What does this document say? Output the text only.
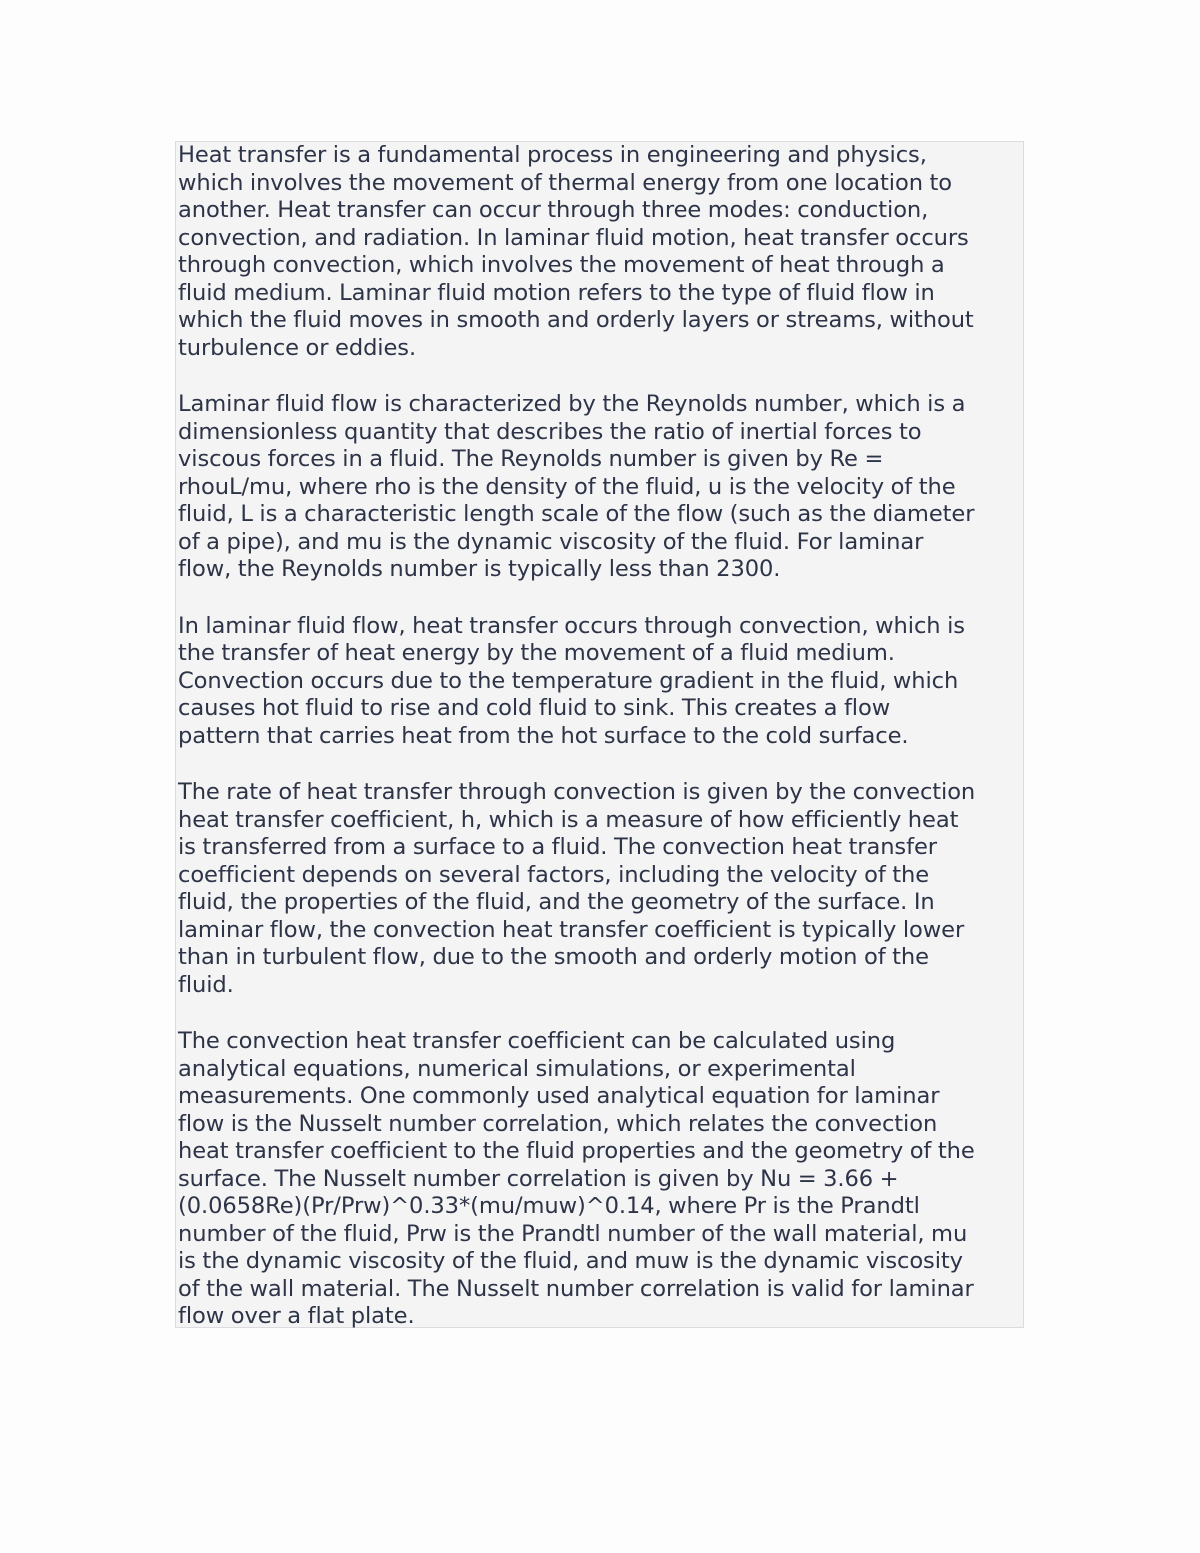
Heat transfer is a fundamental process in engineering and physics,
which involves the movement of thermal energy from one location to
another. Heat transfer can occur through three modes: conduction,
convection, and radiation. In laminar fluid motion, heat transfer occurs
through convection, which involves the movement of heat through a
fluid medium. Laminar fluid motion refers to the type of fluid flow in
which the fluid moves in smooth and orderly layers or streams, without
turbulence or eddies.

Laminar fluid flow is characterized by the Reynolds number, which is a
dimensionless quantity that describes the ratio of inertial forces to
viscous forces in a fluid. The Reynolds number is given by Re =
rhouL/mu, where rho is the density of the fluid, u is the velocity of the
fluid, L is a characteristic length scale of the flow (such as the diameter
of a pipe), and mu is the dynamic viscosity of the fluid. For laminar
flow, the Reynolds number is typically less than 2300.

In laminar fluid flow, heat transfer occurs through convection, which is
the transfer of heat energy by the movement of a fluid medium.
Convection occurs due to the temperature gradient in the fluid, which
causes hot fluid to rise and cold fluid to sink. This creates a flow
pattern that carries heat from the hot surface to the cold surface.

The rate of heat transfer through convection is given by the convection
heat transfer coefficient, h, which is a measure of how efficiently heat
is transferred from a surface to a fluid. The convection heat transfer
coefficient depends on several factors, including the velocity of the
fluid, the properties of the fluid, and the geometry of the surface. In
laminar flow, the convection heat transfer coefficient is typically lower
than in turbulent flow, due to the smooth and orderly motion of the
fluid.

The convection heat transfer coefficient can be calculated using
analytical equations, numerical simulations, or experimental
measurements. One commonly used analytical equation for laminar
flow is the Nusselt number correlation, which relates the convection
heat transfer coefficient to the fluid properties and the geometry of the
surface. The Nusselt number correlation is given by Nu = 3.66 +
(0.0658Re)(Pr/Prw)^0.33*(mu/muw)^0.14, where Pr is the Prandtl
number of the fluid, Prw is the Prandtl number of the wall material, mu
is the dynamic viscosity of the fluid, and muw is the dynamic viscosity
of the wall material. The Nusselt number correlation is valid for laminar
flow over a flat plate.
